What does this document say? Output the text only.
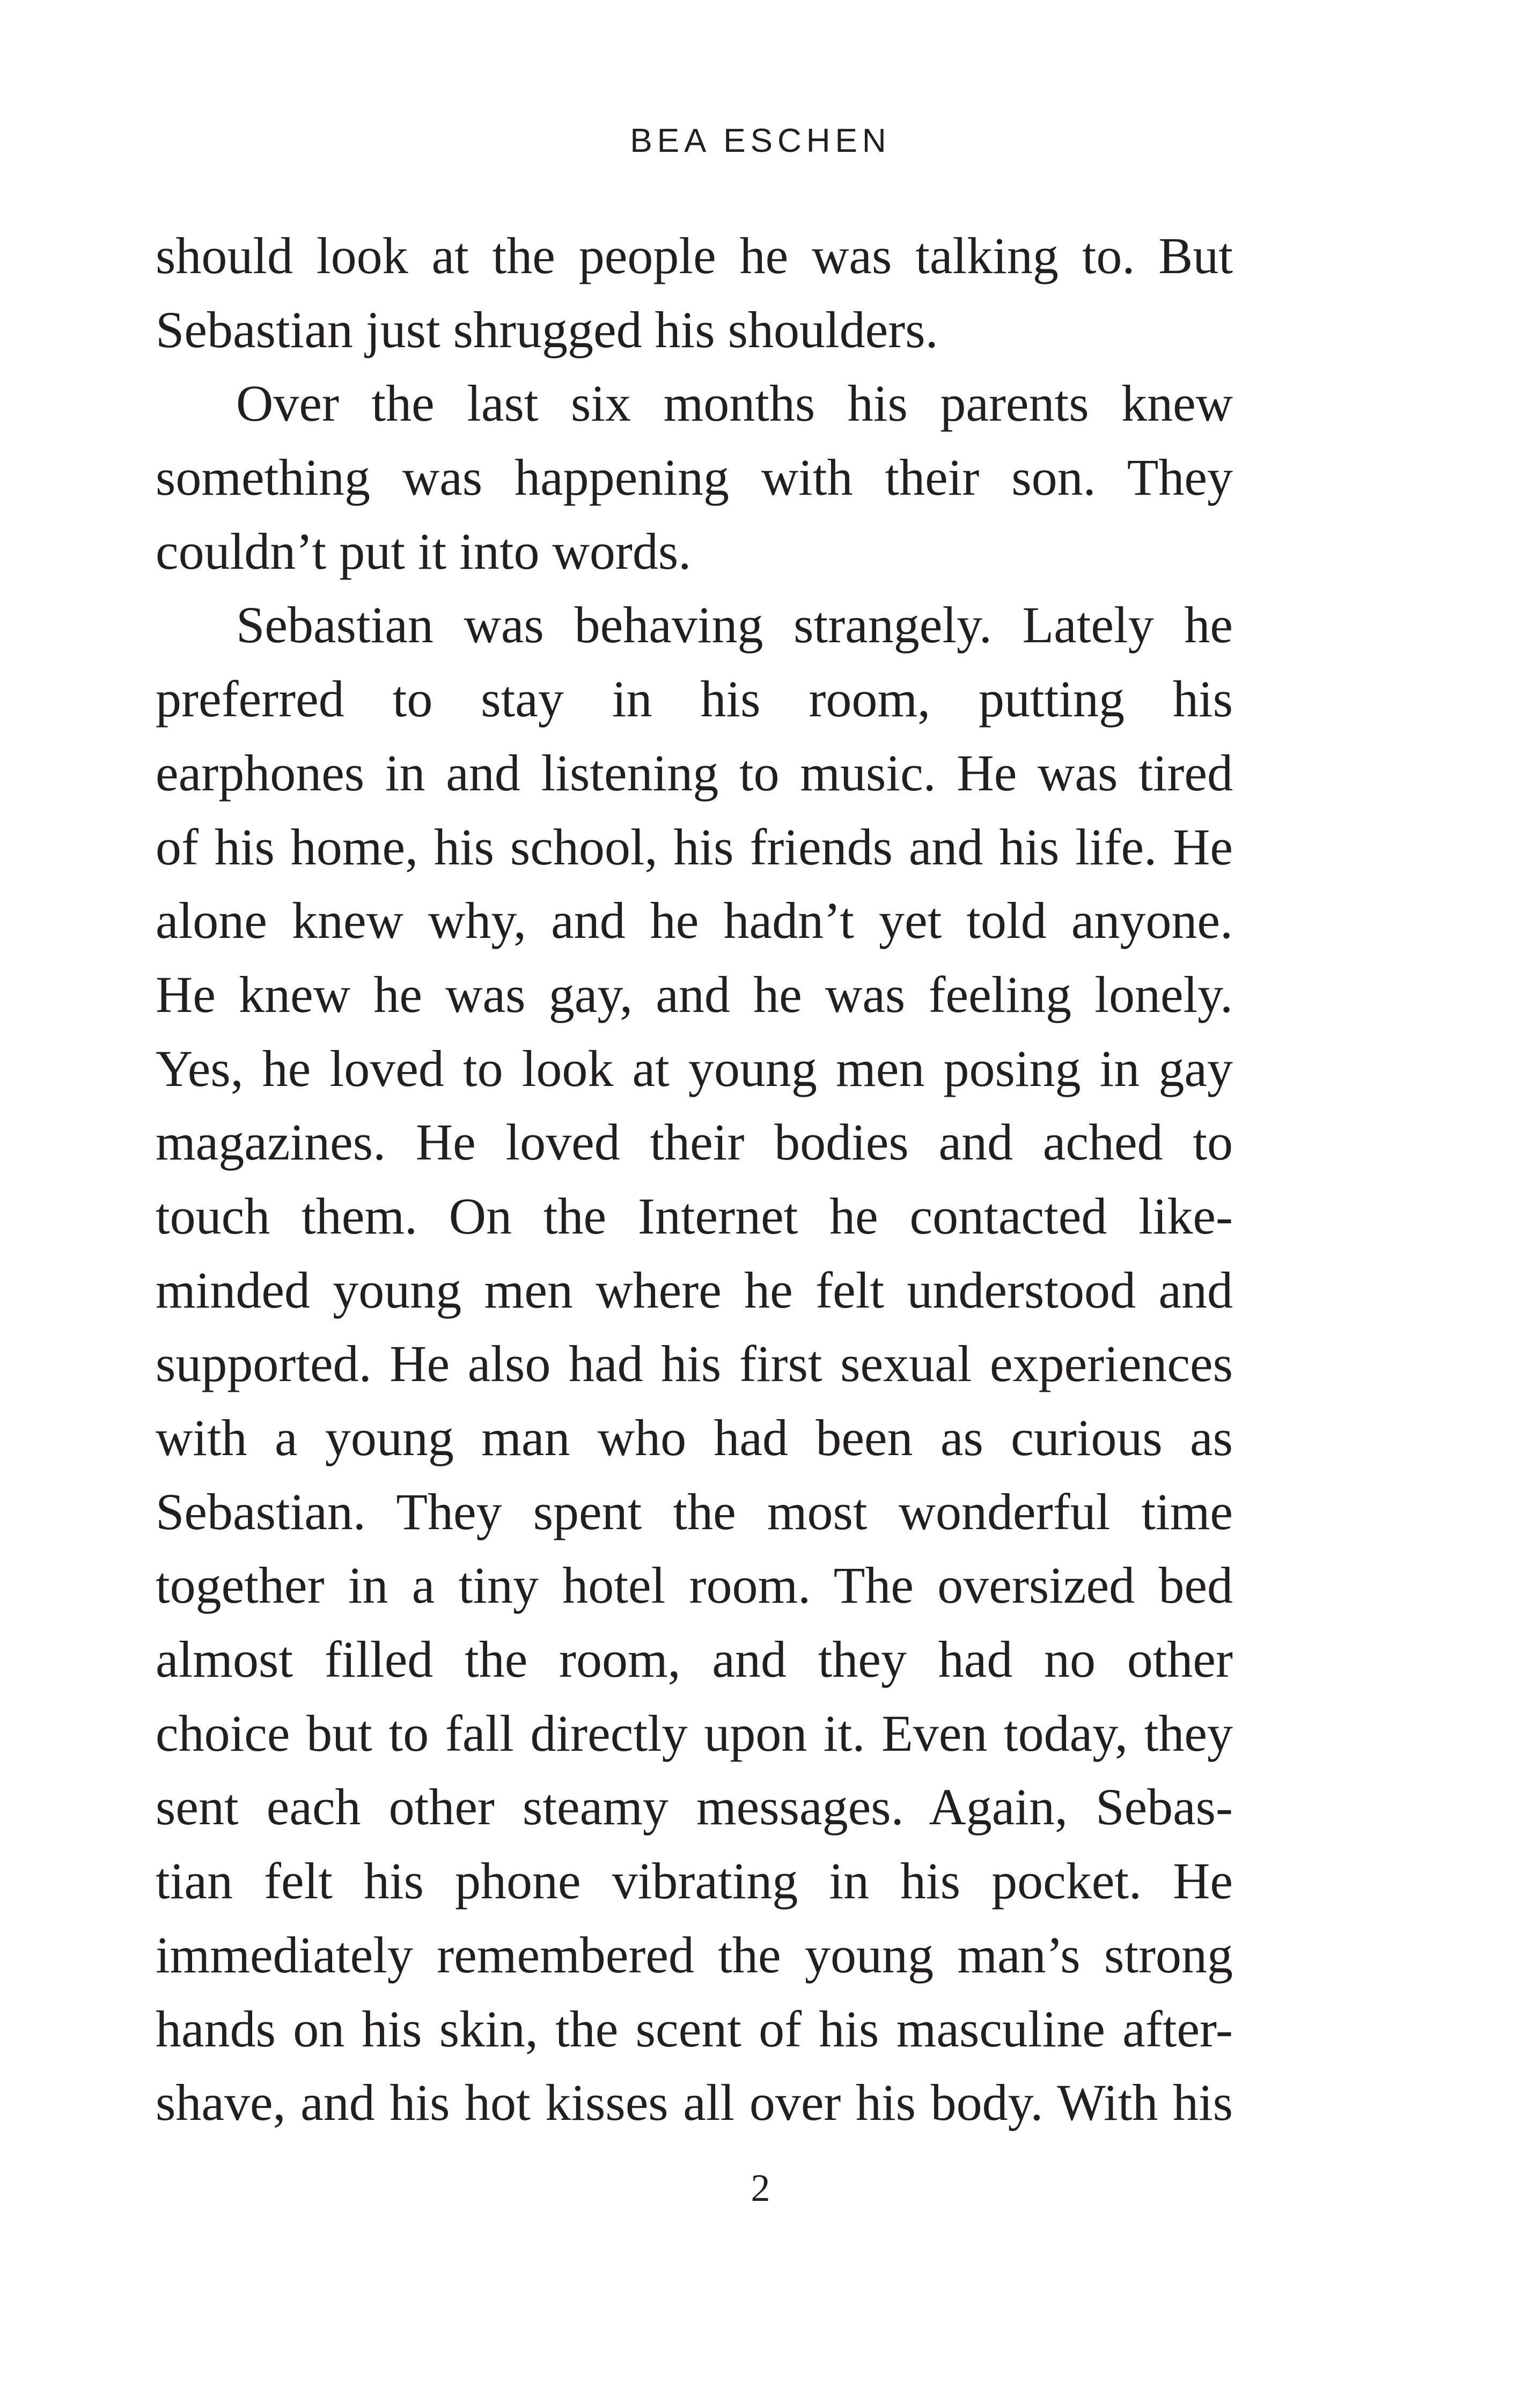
BEA ESCHEN
should look at the people he was talking to. But
Sebastian just shrugged his shoulders.
Over the last six months his parents knew
something was happening with their son. They
couldn’t put it into words.
Sebastian was behaving strangely. Lately he
preferred to stay in his room, putting his
earphones in and listening to music. He was tired
of his home, his school, his friends and his life. He
alone knew why, and he hadn’t yet told anyone.
He knew he was gay, and he was feeling lonely.
Yes, he loved to look at young men posing in gay
magazines. He loved their bodies and ached to
touch them. On the Internet he contacted like-
minded young men where he felt understood and
supported. He also had his first sexual experiences
with a young man who had been as curious as
Sebastian. They spent the most wonderful time
together in a tiny hotel room. The oversized bed
almost filled the room, and they had no other
choice but to fall directly upon it. Even today, they
sent each other steamy messages. Again, Sebas-
tian felt his phone vibrating in his pocket. He
immediately remembered the young man’s strong
hands on his skin, the scent of his masculine after-
shave, and his hot kisses all over his body. With his
2
